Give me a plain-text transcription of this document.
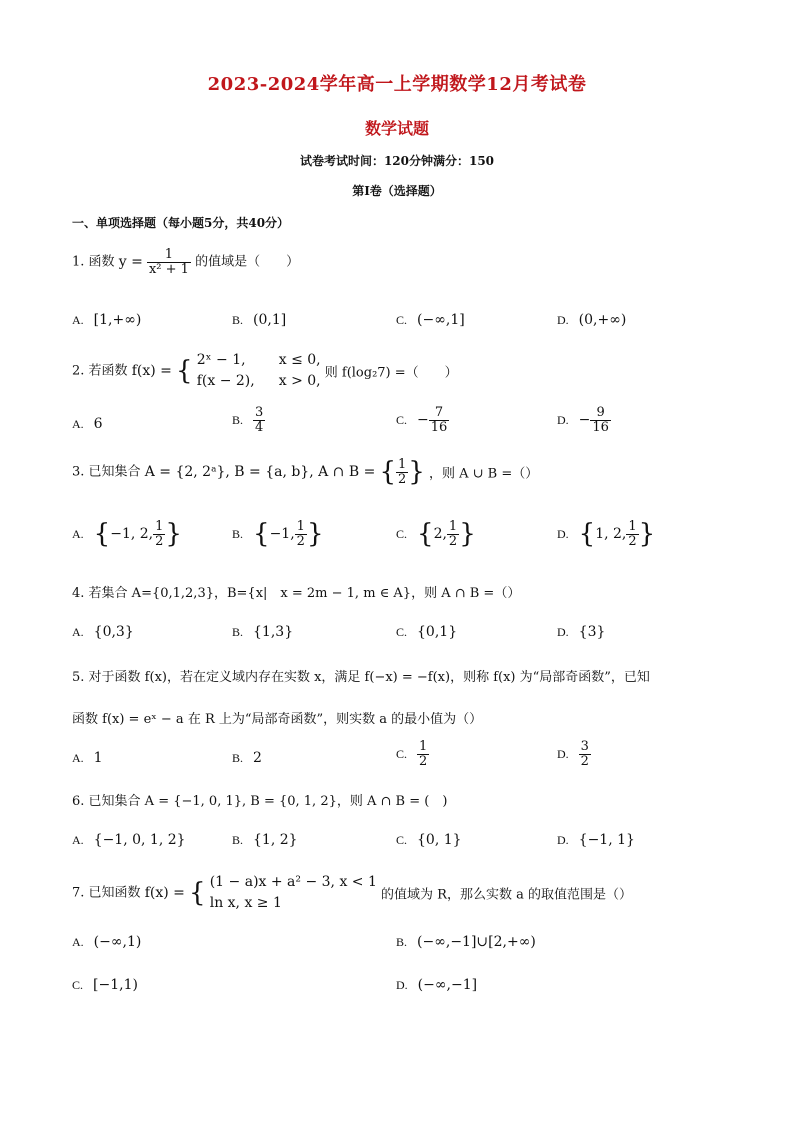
2023-2024学年高一上学期数学12月考试卷
数学试题
试卷考试时间：120分钟满分：150
第I卷（选择题）
一、单项选择题（每小题5分，共40分）
1. 函数 $y = \frac{1}{\text{x² + 1}}$ 的值域是（　　）
A. [1,+∞)	B. (0,1]	C. (−∞,1]	D. (0,+∞)
2. 若函数 f(x) = { 2ˣ − 1, x ≤ 0,
f(x − 2), x > 0, 则 f(log₂7) =（　　）
A. 6	B. $\frac{3}{4}$	C. − $\frac{7}{16}$	D. − $\frac{9}{16}$
3. 已知集合 A = {2, 2ᵃ}, B = {a, b}, A ∩ B = { $\frac{1}{2}$ } ，则 A ∪ B =（）
A. {−1, 2, $\frac{1}{2}$ }	B. {−1, $\frac{1}{2}$ }	C. {2, $\frac{1}{2}$ }	D. {1, 2, $\frac{1}{2}$ }
4. 若集合 A={0,1,2,3}，B={x|　x = 2m − 1, m ∈ A}，则 A ∩ B =（）
A. {0,3}	B. {1,3}	C. {0,1}	D. {3}
5. 对于函数 f(x)，若在定义域内存在实数 x，满足 f(−x) = −f(x)，则称 f(x) 为“局部奇函数”，已知
函数 f(x) = eˣ − a 在 R 上为“局部奇函数”，则实数 a 的最小值为（）
A. 1	B. 2	C. $\frac{1}{2}$	D. $\frac{3}{2}$
6. 已知集合 A = {−1, 0, 1}, B = {0, 1, 2}，则 A ∩ B = (　)
A. {−1, 0, 1, 2}	B. {1, 2}	C. {0, 1}	D. {−1, 1}
7. 已知函数 f(x) = { (1 − a)x + a² − 3, x < 1
ln x, x ≥ 1	的值域为 R，那么实数 a 的取值范围是（）
A. (−∞,1)	B. (−∞,−1]∪[2,+∞)
C. [−1,1)	D. (−∞,−1]
